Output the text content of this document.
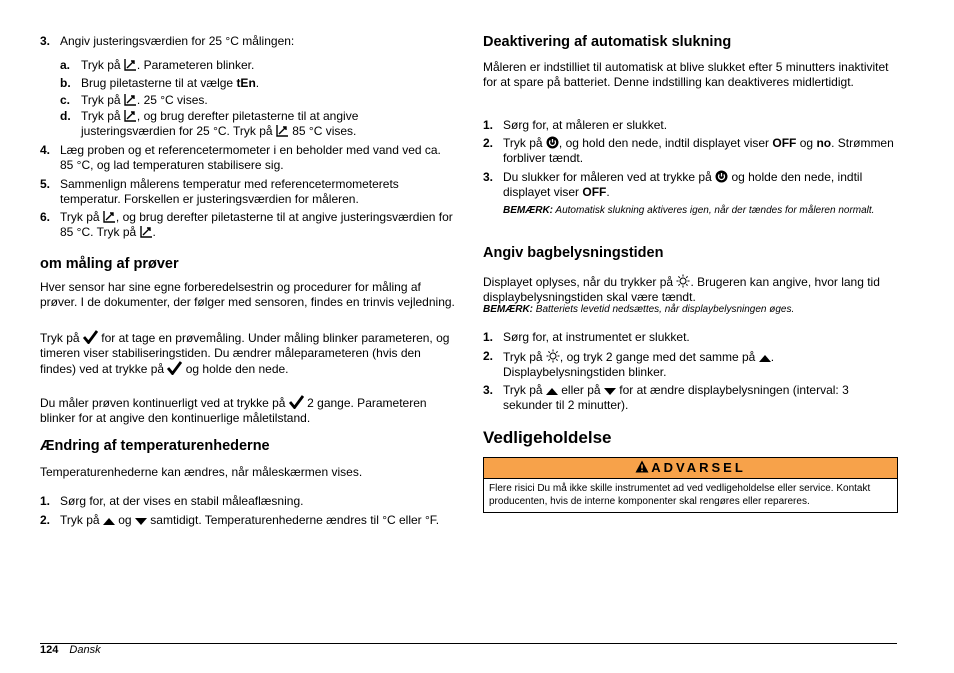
3. Angiv justeringsværdien for 25 °C målingen:
a. Tryk på . Parameteren blinker.
b. Brug piletasterne til at vælge tEn.
c. Tryk på . 25 °C vises.
d. Tryk på , og brug derefter piletasterne til at angive justeringsværdien for 25 °C. Tryk på  85 °C vises.
4. Læg proben og et referencetermometer i en beholder med vand ved ca. 85 °C, og lad temperaturen stabilisere sig.
5. Sammenlign målerens temperatur med referencetermometerets temperatur. Forskellen er justeringsværdien for måleren.
6. Tryk på , og brug derefter piletasterne til at angive justeringsværdien for 85 °C. Tryk på .
om måling af prøver
Hver sensor har sine egne forberedelsestrin og procedurer for måling af prøver. I de dokumenter, der følger med sensoren, findes en trinvis vejledning.
Tryk på for at tage en prøvemåling. Under måling blinker parameteren, og timeren viser stabiliseringstiden. Du ændrer måleparameteren (hvis den findes) ved at trykke på og holde den nede.
Du måler prøven kontinuerligt ved at trykke på 2 gange. Parameteren blinker for at angive den kontinuerlige måletilstand.
Ændring af temperaturenhederne
Temperaturenhederne kan ændres, når måleskærmen vises.
1. Sørg for, at der vises en stabil måleaflæsning.
2. Tryk på og samtidigt. Temperaturenhederne ændres til °C eller °F.
Deaktivering af automatisk slukning
Måleren er indstilliet til automatisk at blive slukket efter 5 minutters inaktivitet for at spare på batteriet. Denne indstilling kan deaktiveres midlertidigt.
1. Sørg for, at måleren er slukket.
2. Tryk på , og hold den nede, indtil displayet viser OFF og no. Strømmen forbliver tændt.
3. Du slukker for måleren ved at trykke på og holde den nede, indtil displayet viser OFF.
BEMÆRK: Automatisk slukning aktiveres igen, når der tændes for måleren normalt.
Angiv bagbelysningstiden
Displayet oplyses, når du trykker på . Brugeren kan angive, hvor lang tid displaybelysningstiden skal være tændt.
BEMÆRK: Batteriets levetid nedsættes, når displaybelysningen øges.
1. Sørg for, at instrumentet er slukket.
2. Tryk på , og tryk 2 gange med det samme på . Displaybelysningstiden blinker.
3. Tryk på eller på for at ændre displaybelysningen (interval: 3 sekunder til 2 minutter).
Vedligeholdelse
ADVARSEL
Flere risici Du må ikke skille instrumentet ad ved vedligeholdelse eller service. Kontakt producenten, hvis de interne komponenter skal rengøres eller repareres.
124 Dansk
